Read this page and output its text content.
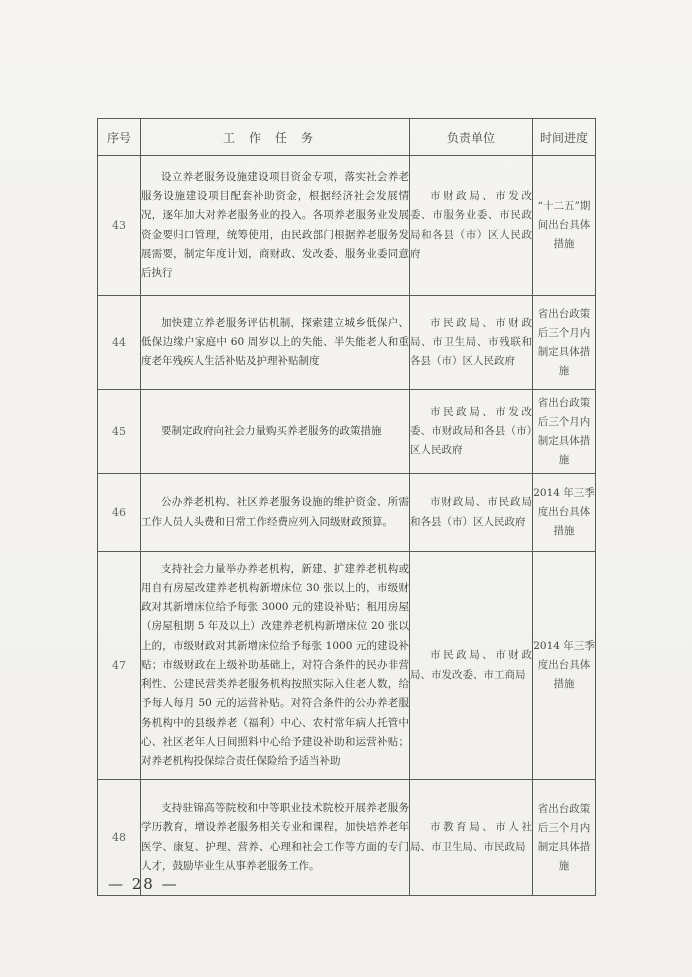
序号	工作任务	负责单位	时间进度
43	设立养老服务设施建设项目资金专项，落实社会养老服务设施建设项目配套补助资金，根据经济社会发展情况，逐年加大对养老服务业的投入。各项养老服务业发展资金要归口管理，统筹使用，由民政部门根据养老服务发展需要，制定年度计划，商财政、发改委、服务业委同意后执行	市财政局、市发改委、市服务业委、市民政局和各县（市）区人民政府	“十二五”期间出台具体措施
44	加快建立养老服务评估机制，探索建立城乡低保户、低保边缘户家庭中 60 周岁以上的失能、半失能老人和重度老年残疾人生活补贴及护理补贴制度	市民政局、市财政局、市卫生局、市残联和各县（市）区人民政府	省出台政策后三个月内制定具体措施
45	要制定政府向社会力量购买养老服务的政策措施	市民政局、市发改委、市财政局和各县（市）区人民政府	省出台政策后三个月内制定具体措施
46	公办养老机构、社区养老服务设施的维护资金、所需工作人员人头费和日常工作经费应列入同级财政预算。	市财政局、市民政局和各县（市）区人民政府	2014 年三季度出台具体措施
47	支持社会力量举办养老机构，新建、扩建养老机构或用自有房屋改建养老机构新增床位 30 张以上的，市级财政对其新增床位给予每张 3000 元的建设补贴；租用房屋（房屋租期 5 年及以上）改建养老机构新增床位 20 张以上的，市级财政对其新增床位给予每张 1000 元的建设补贴；市级财政在上级补助基础上，对符合条件的民办非营利性、公建民营类养老服务机构按照实际入住老人数，给予每人每月 50 元的运营补贴。对符合条件的公办养老服务机构中的县级养老（福利）中心、农村常年病人托管中心、社区老年人日间照料中心给予建设补助和运营补贴；对养老机构投保综合责任保险给予适当补助	市民政局、市财政局、市发改委、市工商局	2014 年三季度出台具体措施
48	支持驻锦高等院校和中等职业技术院校开展养老服务学历教育，增设养老服务相关专业和课程，加快培养老年医学、康复、护理、营养、心理和社会工作等方面的专门人才，鼓励毕业生从事养老服务工作。	市教育局、市人社局、市卫生局、市民政局	省出台政策后三个月内制定具体措施
— 28 —
